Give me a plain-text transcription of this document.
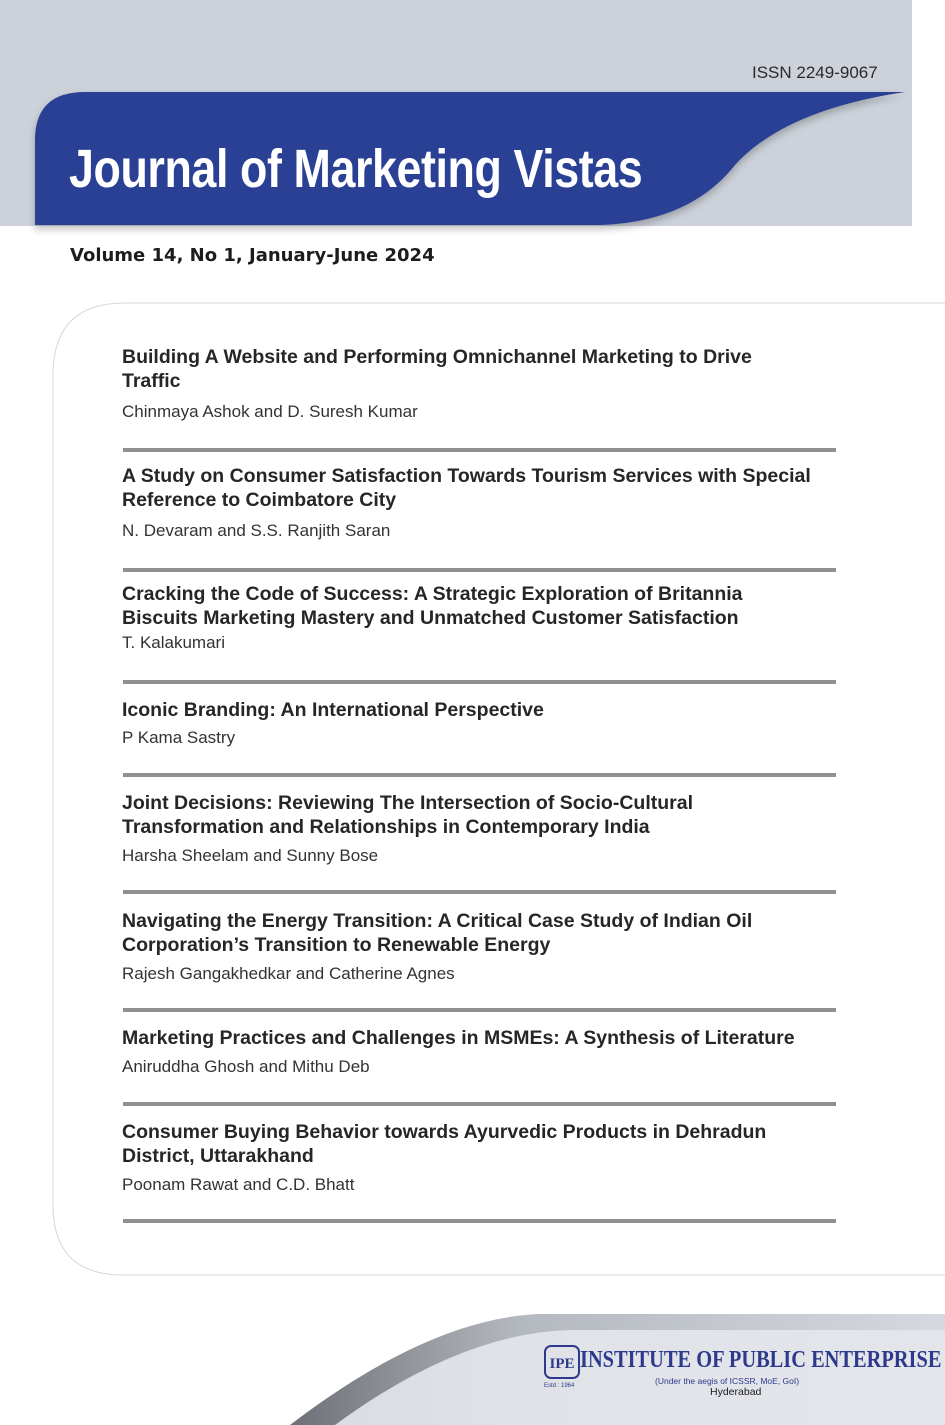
ISSN 2249-9067
Journal of Marketing Vistas
Volume 14, No 1, January-June 2024
Building A Website and Performing Omnichannel Marketing to Drive Traffic
Chinmaya Ashok and D. Suresh Kumar
A Study on Consumer Satisfaction Towards Tourism Services with Special Reference to Coimbatore City
N. Devaram and S.S. Ranjith Saran
Cracking the Code of Success: A Strategic Exploration of Britannia Biscuits Marketing Mastery and Unmatched Customer Satisfaction
T. Kalakumari
Iconic Branding: An International Perspective
P Kama Sastry
Joint Decisions: Reviewing The Intersection of Socio-Cultural Transformation and Relationships in Contemporary India
Harsha Sheelam and Sunny Bose
Navigating the Energy Transition: A Critical Case Study of Indian Oil Corporation’s Transition to Renewable Energy
Rajesh Gangakhedkar and Catherine Agnes
Marketing Practices and Challenges in MSMEs: A Synthesis of Literature
Aniruddha Ghosh and Mithu Deb
Consumer Buying Behavior towards Ayurvedic Products in Dehradun District, Uttarakhand
Poonam Rawat and C.D. Bhatt
IPE INSTITUTE OF PUBLIC ENTERPRISE
(Under the aegis of ICSSR, MoE, GoI)
Estd : 1964	Hyderabad
